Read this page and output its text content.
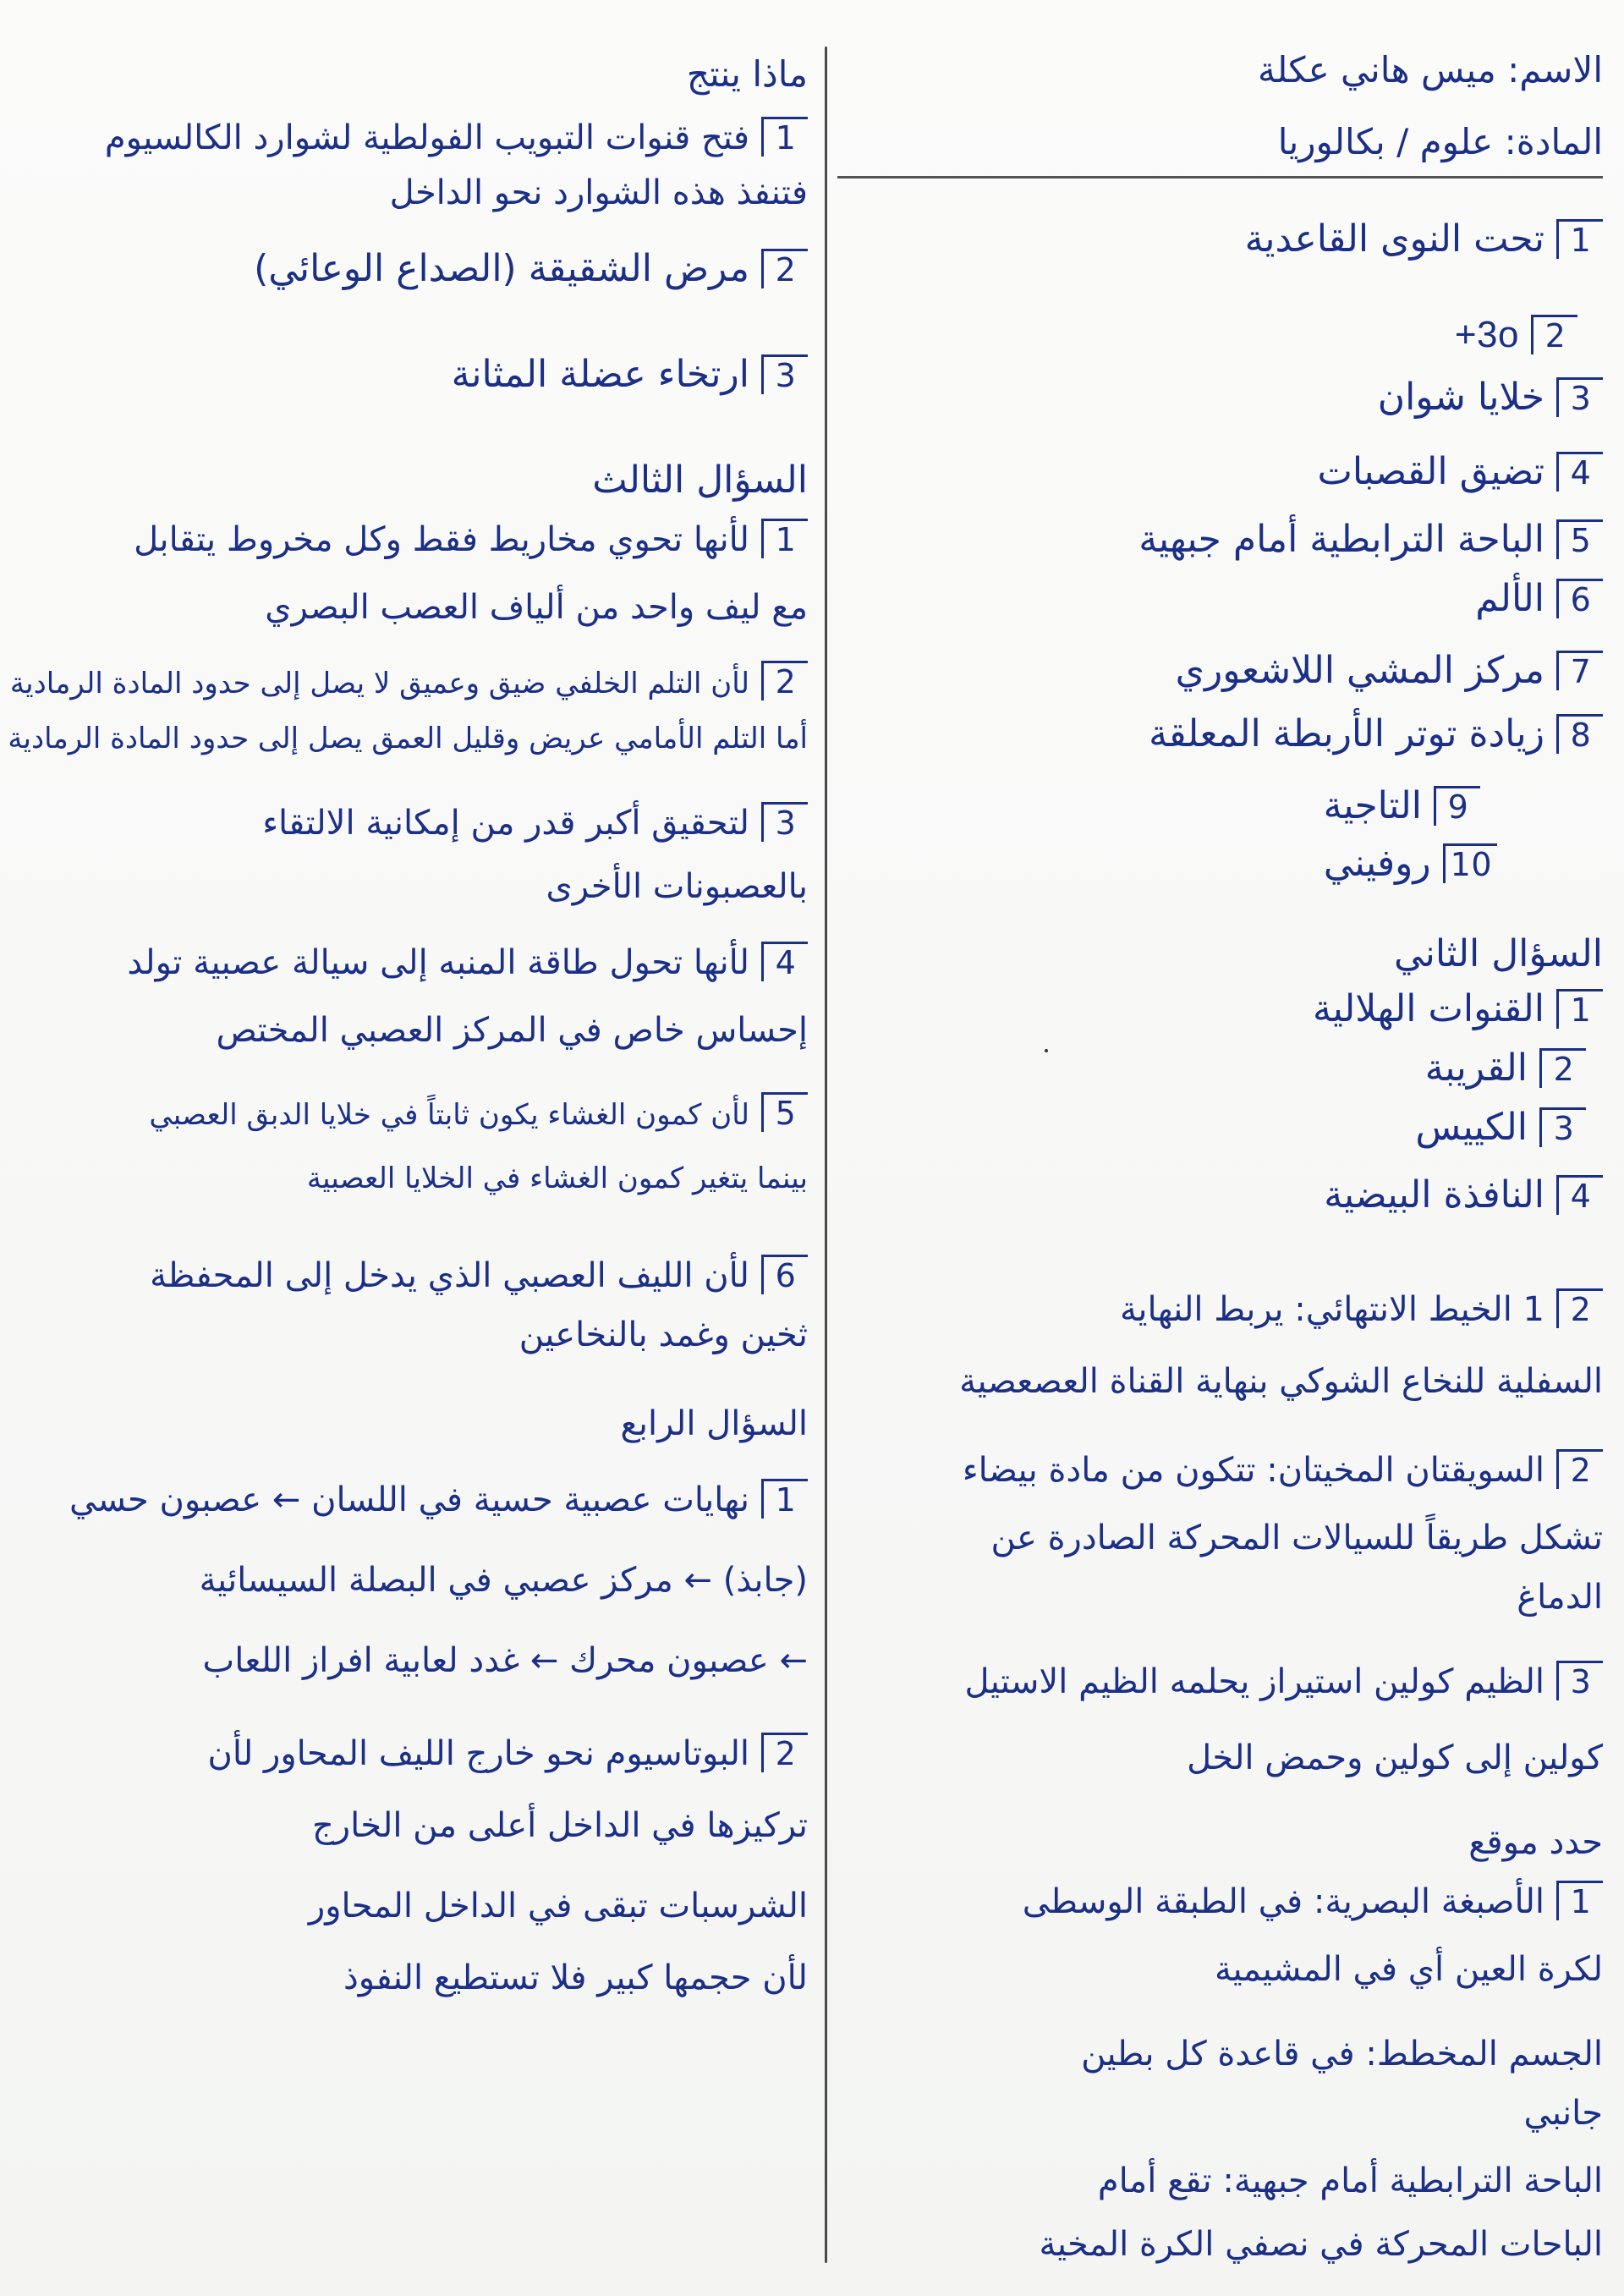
الاسم: ميس هاني عكلة
المادة: علوم / بكالوريا
1تحت النوى القاعدية
23o+
3خلايا شوان
4تضيق القصبات
5الباحة الترابطية أمام جبهية
6الألم
7مركز المشي اللاشعوري
8زيادة توتر الأربطة المعلقة
9التاجية
10روفيني
السؤال الثاني
1القنوات الهلالية
2القريبة
3الكييس
4النافذة البيضية
21 الخيط الانتهائي: يربط النهاية
السفلية للنخاع الشوكي بنهاية القناة العصعصية
2السويقتان المخيتان: تتكون من مادة بيضاء
تشكل طريقاً للسيالات المحركة الصادرة عن
الدماغ
3الظيم كولين استيراز يحلمه الظيم الاستيل
كولين إلى كولين وحمض الخل
حدد موقع
1الأصبغة البصرية: في الطبقة الوسطى
لكرة العين أي في المشيمية
الجسم المخطط: في قاعدة كل بطين
جانبي
الباحة الترابطية أمام جبهية: تقع أمام
الباحات المحركة في نصفي الكرة المخية
ماذا ينتج
1فتح قنوات التبويب الفولطية لشوارد الكالسيوم
فتنفذ هذه الشوارد نحو الداخل
2مرض الشقيقة (الصداع الوعائي)
3ارتخاء عضلة المثانة
السؤال الثالث
1لأنها تحوي مخاريط فقط وكل مخروط يتقابل
مع ليف واحد من ألياف العصب البصري
2لأن التلم الخلفي ضيق وعميق لا يصل إلى حدود المادة الرمادية
أما التلم الأمامي عريض وقليل العمق يصل إلى حدود المادة الرمادية
3لتحقيق أكبر قدر من إمكانية الالتقاء
بالعصبونات الأخرى
4لأنها تحول طاقة المنبه إلى سيالة عصبية تولد
إحساس خاص في المركز العصبي المختص
5لأن كمون الغشاء يكون ثابتاً في خلايا الدبق العصبي
بينما يتغير كمون الغشاء في الخلايا العصبية
6لأن الليف العصبي الذي يدخل إلى المحفظة
ثخين وغمد بالنخاعين
السؤال الرابع
1نهايات عصبية حسية في اللسان ← عصبون حسي
(جابذ) ← مركز عصبي في البصلة السيسائية
← عصبون محرك ← غدد لعابية افراز اللعاب
2البوتاسيوم نحو خارج الليف المحاور لأن
تركيزها في الداخل أعلى من الخارج
الشرسبات تبقى في الداخل المحاور
لأن حجمها كبير فلا تستطيع النفوذ
